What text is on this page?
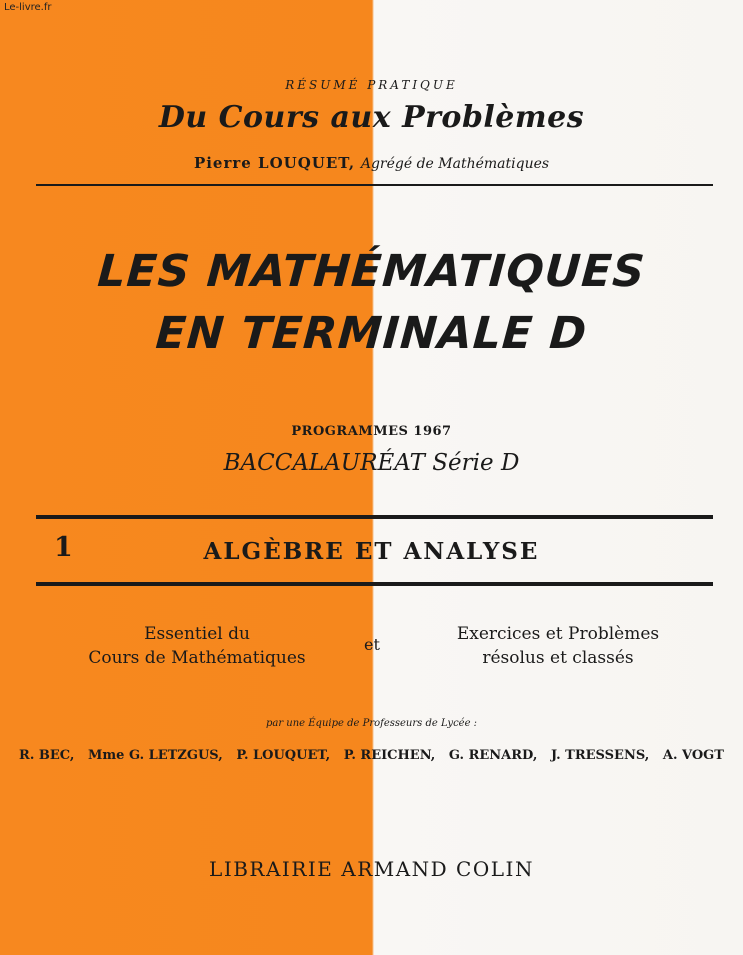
Le-livre.fr
RÉSUMÉ PRATIQUE
Du Cours aux Problèmes
Pierre LOUQUET, Agrégé de Mathématiques
LES MATHÉMATIQUES
EN TERMINALE D
PROGRAMMES 1967
BACCALAURÉAT Série D
1	ALGÈBRE ET ANALYSE
Essentiel du
Cours de Mathématiques
et
Exercices et Problèmes
résolus et classés
par une Équipe de Professeurs de Lycée :
R. BEC,   Mme G. LETZGUS,   P. LOUQUET,   P. REICHEN,   G. RENARD,   J. TRESSENS,   A. VOGT
LIBRAIRIE ARMAND COLIN
